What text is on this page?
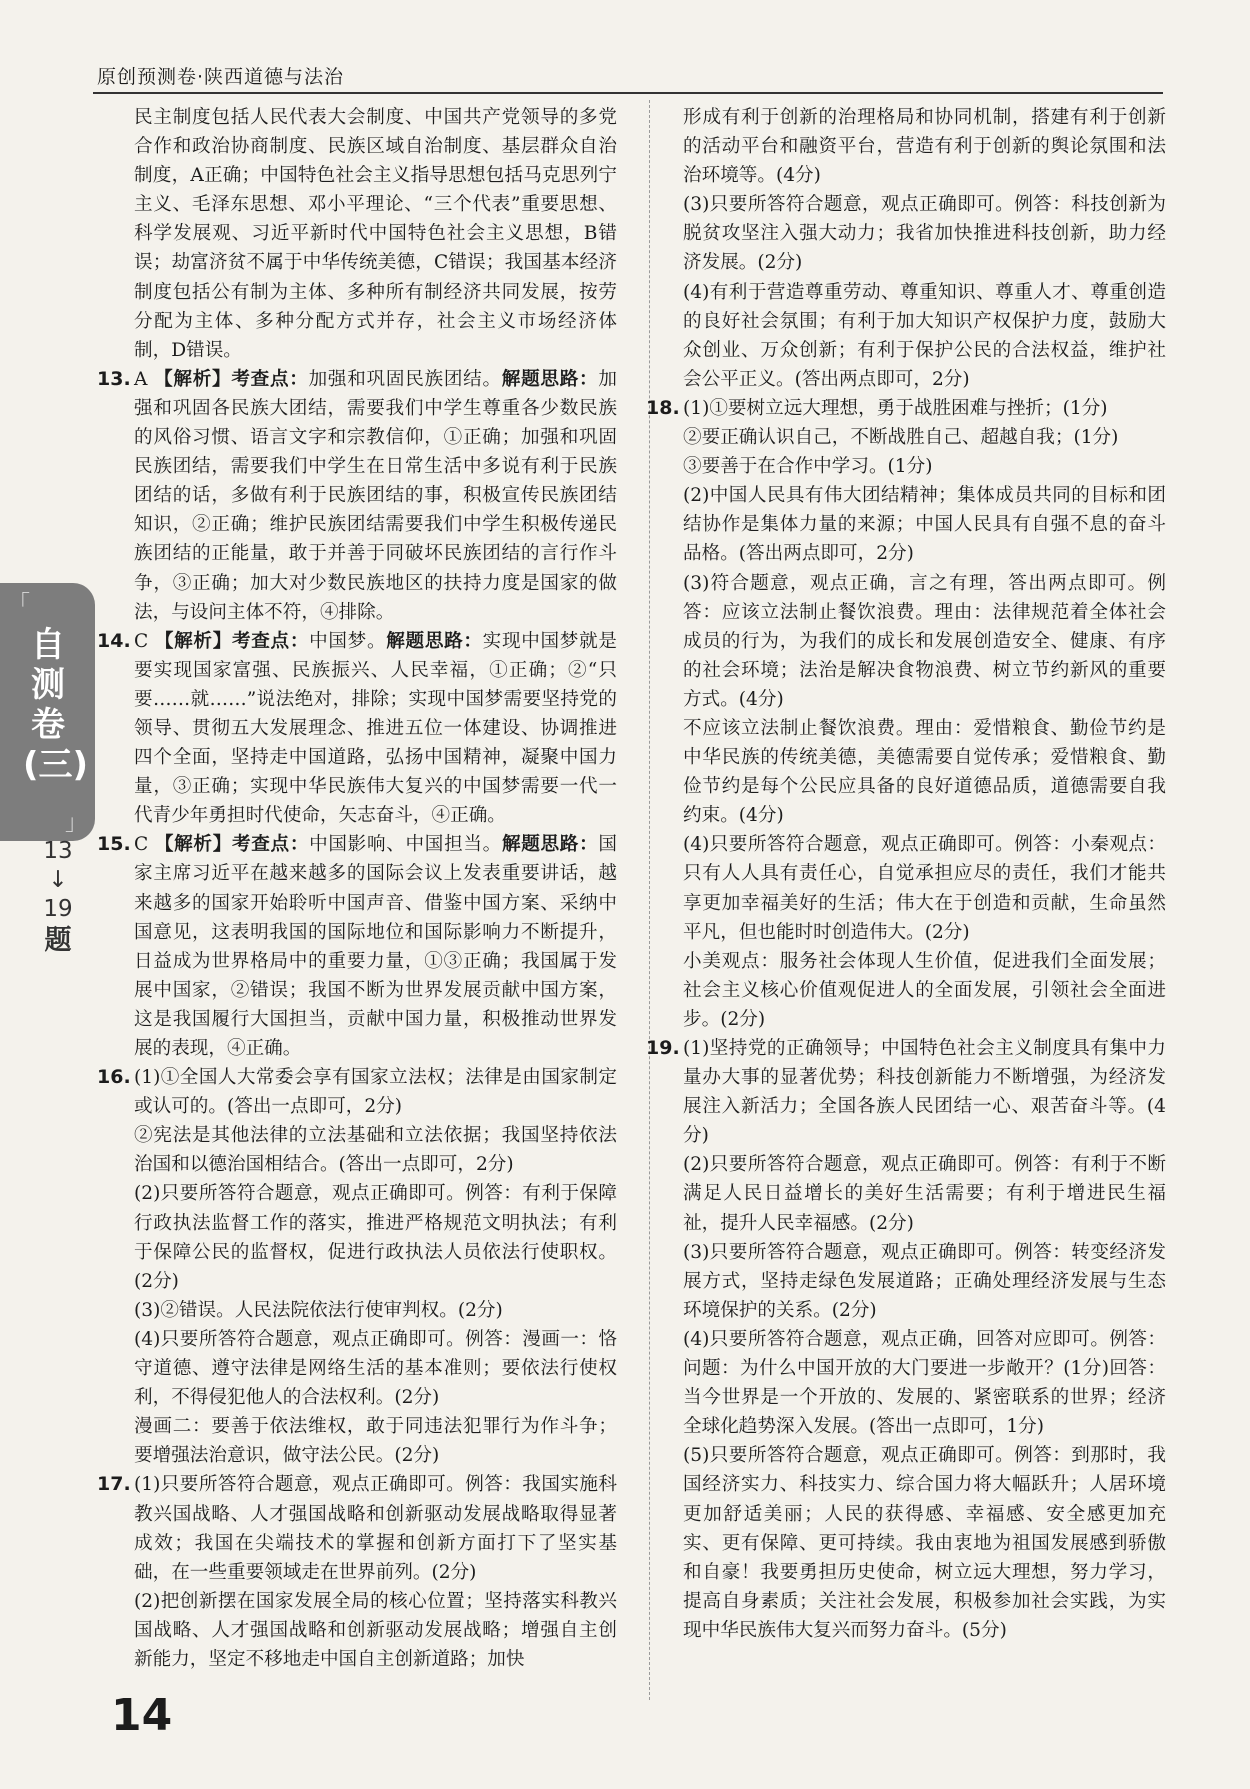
原创预测卷·陕西道德与法治
「
自测卷(三)
」
13
↓
19
题
民主制度包括人民代表大会制度、中国共产党领导的多党合作和政治协商制度、民族区域自治制度、基层群众自治制度，A正确；中国特色社会主义指导思想包括马克思列宁主义、毛泽东思想、邓小平理论、“三个代表”重要思想、科学发展观、习近平新时代中国特色社会主义思想，B错误；劫富济贫不属于中华传统美德，C错误；我国基本经济制度包括公有制为主体、多种所有制经济共同发展，按劳分配为主体、多种分配方式并存，社会主义市场经济体制，D错误。
13. A 【解析】考查点：加强和巩固民族团结。解题思路：加强和巩固各民族大团结，需要我们中学生尊重各少数民族的风俗习惯、语言文字和宗教信仰，①正确；加强和巩固民族团结，需要我们中学生在日常生活中多说有利于民族团结的话，多做有利于民族团结的事，积极宣传民族团结知识，②正确；维护民族团结需要我们中学生积极传递民族团结的正能量，敢于并善于同破坏民族团结的言行作斗争，③正确；加大对少数民族地区的扶持力度是国家的做法，与设问主体不符，④排除。
14. C 【解析】考查点：中国梦。解题思路：实现中国梦就是要实现国家富强、民族振兴、人民幸福，①正确；②“只要……就……”说法绝对，排除；实现中国梦需要坚持党的领导、贯彻五大发展理念、推进五位一体建设、协调推进四个全面，坚持走中国道路，弘扬中国精神，凝聚中国力量，③正确；实现中华民族伟大复兴的中国梦需要一代一代青少年勇担时代使命，矢志奋斗，④正确。
15. C 【解析】考查点：中国影响、中国担当。解题思路：国家主席习近平在越来越多的国际会议上发表重要讲话，越来越多的国家开始聆听中国声音、借鉴中国方案、采纳中国意见，这表明我国的国际地位和国际影响力不断提升，日益成为世界格局中的重要力量，①③正确；我国属于发展中国家，②错误；我国不断为世界发展贡献中国方案，这是我国履行大国担当，贡献中国力量，积极推动世界发展的表现，④正确。
16. (1)①全国人大常委会享有国家立法权；法律是由国家制定或认可的。(答出一点即可，2分)
②宪法是其他法律的立法基础和立法依据；我国坚持依法治国和以德治国相结合。(答出一点即可，2分)
(2)只要所答符合题意，观点正确即可。例答：有利于保障行政执法监督工作的落实，推进严格规范文明执法；有利于保障公民的监督权，促进行政执法人员依法行使职权。(2分)
(3)②错误。人民法院依法行使审判权。(2分)
(4)只要所答符合题意，观点正确即可。例答：漫画一：恪守道德、遵守法律是网络生活的基本准则；要依法行使权利，不得侵犯他人的合法权利。(2分)
漫画二：要善于依法维权，敢于同违法犯罪行为作斗争；要增强法治意识，做守法公民。(2分)
17. (1)只要所答符合题意，观点正确即可。例答：我国实施科教兴国战略、人才强国战略和创新驱动发展战略取得显著成效；我国在尖端技术的掌握和创新方面打下了坚实基础，在一些重要领域走在世界前列。(2分)
(2)把创新摆在国家发展全局的核心位置；坚持落实科教兴国战略、人才强国战略和创新驱动发展战略；增强自主创新能力，坚定不移地走中国自主创新道路；加快
形成有利于创新的治理格局和协同机制，搭建有利于创新的活动平台和融资平台，营造有利于创新的舆论氛围和法治环境等。(4分)
(3)只要所答符合题意，观点正确即可。例答：科技创新为脱贫攻坚注入强大动力；我省加快推进科技创新，助力经济发展。(2分)
(4)有利于营造尊重劳动、尊重知识、尊重人才、尊重创造的良好社会氛围；有利于加大知识产权保护力度，鼓励大众创业、万众创新；有利于保护公民的合法权益，维护社会公平正义。(答出两点即可，2分)
18. (1)①要树立远大理想，勇于战胜困难与挫折；(1分)
②要正确认识自己，不断战胜自己、超越自我；(1分)
③要善于在合作中学习。(1分)
(2)中国人民具有伟大团结精神；集体成员共同的目标和团结协作是集体力量的来源；中国人民具有自强不息的奋斗品格。(答出两点即可，2分)
(3)符合题意，观点正确，言之有理，答出两点即可。例答：应该立法制止餐饮浪费。理由：法律规范着全体社会成员的行为，为我们的成长和发展创造安全、健康、有序的社会环境；法治是解决食物浪费、树立节约新风的重要方式。(4分)
不应该立法制止餐饮浪费。理由：爱惜粮食、勤俭节约是中华民族的传统美德，美德需要自觉传承；爱惜粮食、勤俭节约是每个公民应具备的良好道德品质，道德需要自我约束。(4分)
(4)只要所答符合题意，观点正确即可。例答：小秦观点：只有人人具有责任心，自觉承担应尽的责任，我们才能共享更加幸福美好的生活；伟大在于创造和贡献，生命虽然平凡，但也能时时创造伟大。(2分)
小美观点：服务社会体现人生价值，促进我们全面发展；社会主义核心价值观促进人的全面发展，引领社会全面进步。(2分)
19. (1)坚持党的正确领导；中国特色社会主义制度具有集中力量办大事的显著优势；科技创新能力不断增强，为经济发展注入新活力；全国各族人民团结一心、艰苦奋斗等。(4分)
(2)只要所答符合题意，观点正确即可。例答：有利于不断满足人民日益增长的美好生活需要；有利于增进民生福祉，提升人民幸福感。(2分)
(3)只要所答符合题意，观点正确即可。例答：转变经济发展方式，坚持走绿色发展道路；正确处理经济发展与生态环境保护的关系。(2分)
(4)只要所答符合题意，观点正确，回答对应即可。例答：问题：为什么中国开放的大门要进一步敞开？(1分)回答：当今世界是一个开放的、发展的、紧密联系的世界；经济全球化趋势深入发展。(答出一点即可，1分)
(5)只要所答符合题意，观点正确即可。例答：到那时，我国经济实力、科技实力、综合国力将大幅跃升；人居环境更加舒适美丽；人民的获得感、幸福感、安全感更加充实、更有保障、更可持续。我由衷地为祖国发展感到骄傲和自豪！我要勇担历史使命，树立远大理想，努力学习，提高自身素质；关注社会发展，积极参加社会实践，为实现中华民族伟大复兴而努力奋斗。(5分)
14
